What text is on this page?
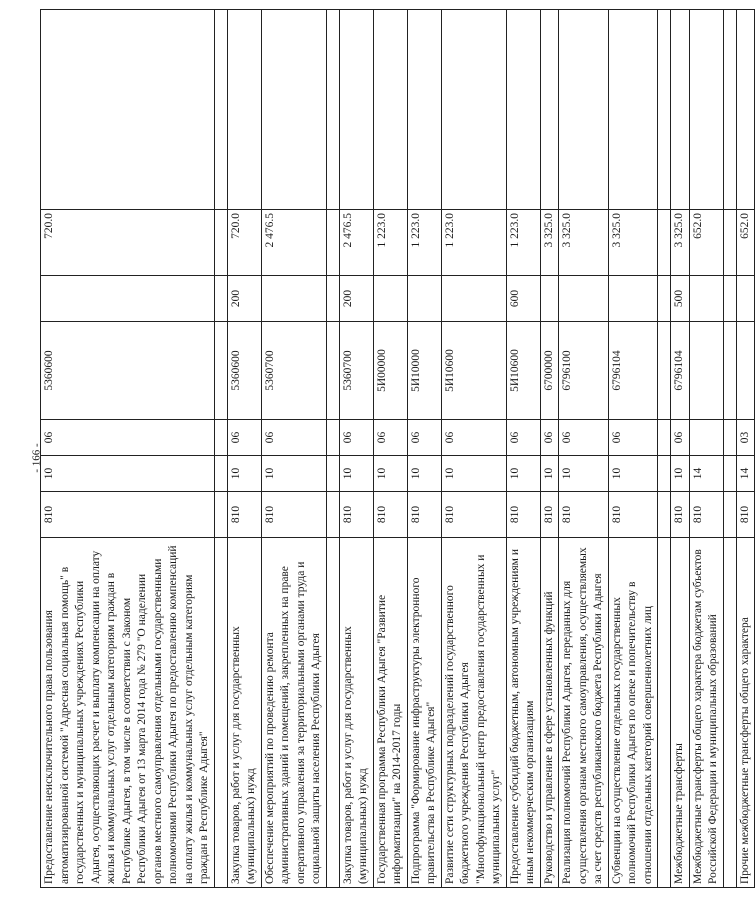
- 166 -
Предоставление неисключительного права пользования автоматизированной системой "Адресная социальная помощь" в государственных и муниципальных учреждениях Республики Адыгея, осуществляющих расчет и выплату компенсации на оплату жилья и коммунальных услуг отдельным категориям граждан в Республике Адыгея, в том числе в соответствии с Законом Республики Адыгея от 13 марта 2014 года № 279 "О наделении органов местного самоуправления отдельными государственными полномочиями Республики Адыгея по предоставлению компенсаций на оплату жилья и коммунальных услуг отдельным категориям граждан в Республике Адыгея"	810	10	06	5360600		720.0	

Закупка товаров, работ и услуг для государственных (муниципальных) нужд	810	10	06	5360600	200	720.0	
Обеспечение мероприятий по проведению ремонта административных зданий и помещений, закрепленных на праве оперативного управления за территориальными органами труда и социальной защиты населения Республики Адыгея	810	10	06	5360700		2 476.5	

Закупка товаров, работ и услуг для государственных (муниципальных) нужд	810	10	06	5360700	200	2 476.5	
Государственная программа Республики Адыгея "Развитие информатизации" на 2014-2017 годы	810	10	06	5И00000		1 223.0	
Подпрограмма "Формирование инфраструктуры электронного правительства в Республике Адыгея"	810	10	06	5И10000		1 223.0	
Развитие сети структурных подразделений государственного бюджетного учреждения Республики Адыгея "Многофункциональный центр предоставления государственных и муниципальных услуг"	810	10	06	5И10600		1 223.0	
Предоставление субсидий бюджетным, автономным учреждениям и иным некоммерческим организациям	810	10	06	5И10600	600	1 223.0	
Руководство и управление в сфере установленных функций	810	10	06	6700000		3 325.0	
Реализация полномочий Республики Адыгея, переданных для осуществления органам местного самоуправления, осуществляемых за счет средств республиканского бюджета Республики Адыгея	810	10	06	6796100		3 325.0	
Субвенции на осуществление отдельных государственных полномочий Республики Адыгея по опеке и попечительству в отношении отдельных категорий совершеннолетних лиц	810	10	06	6796104		3 325.0	

Межбюджетные трансферты	810	10	06	6796104	500	3 325.0	
Межбюджетные трансферты общего характера бюджетам субъектов Российской Федерации и муниципальных образований	810	14				652.0	

Прочие межбюджетные трансферты общего характера	810	14	03			652.0	
